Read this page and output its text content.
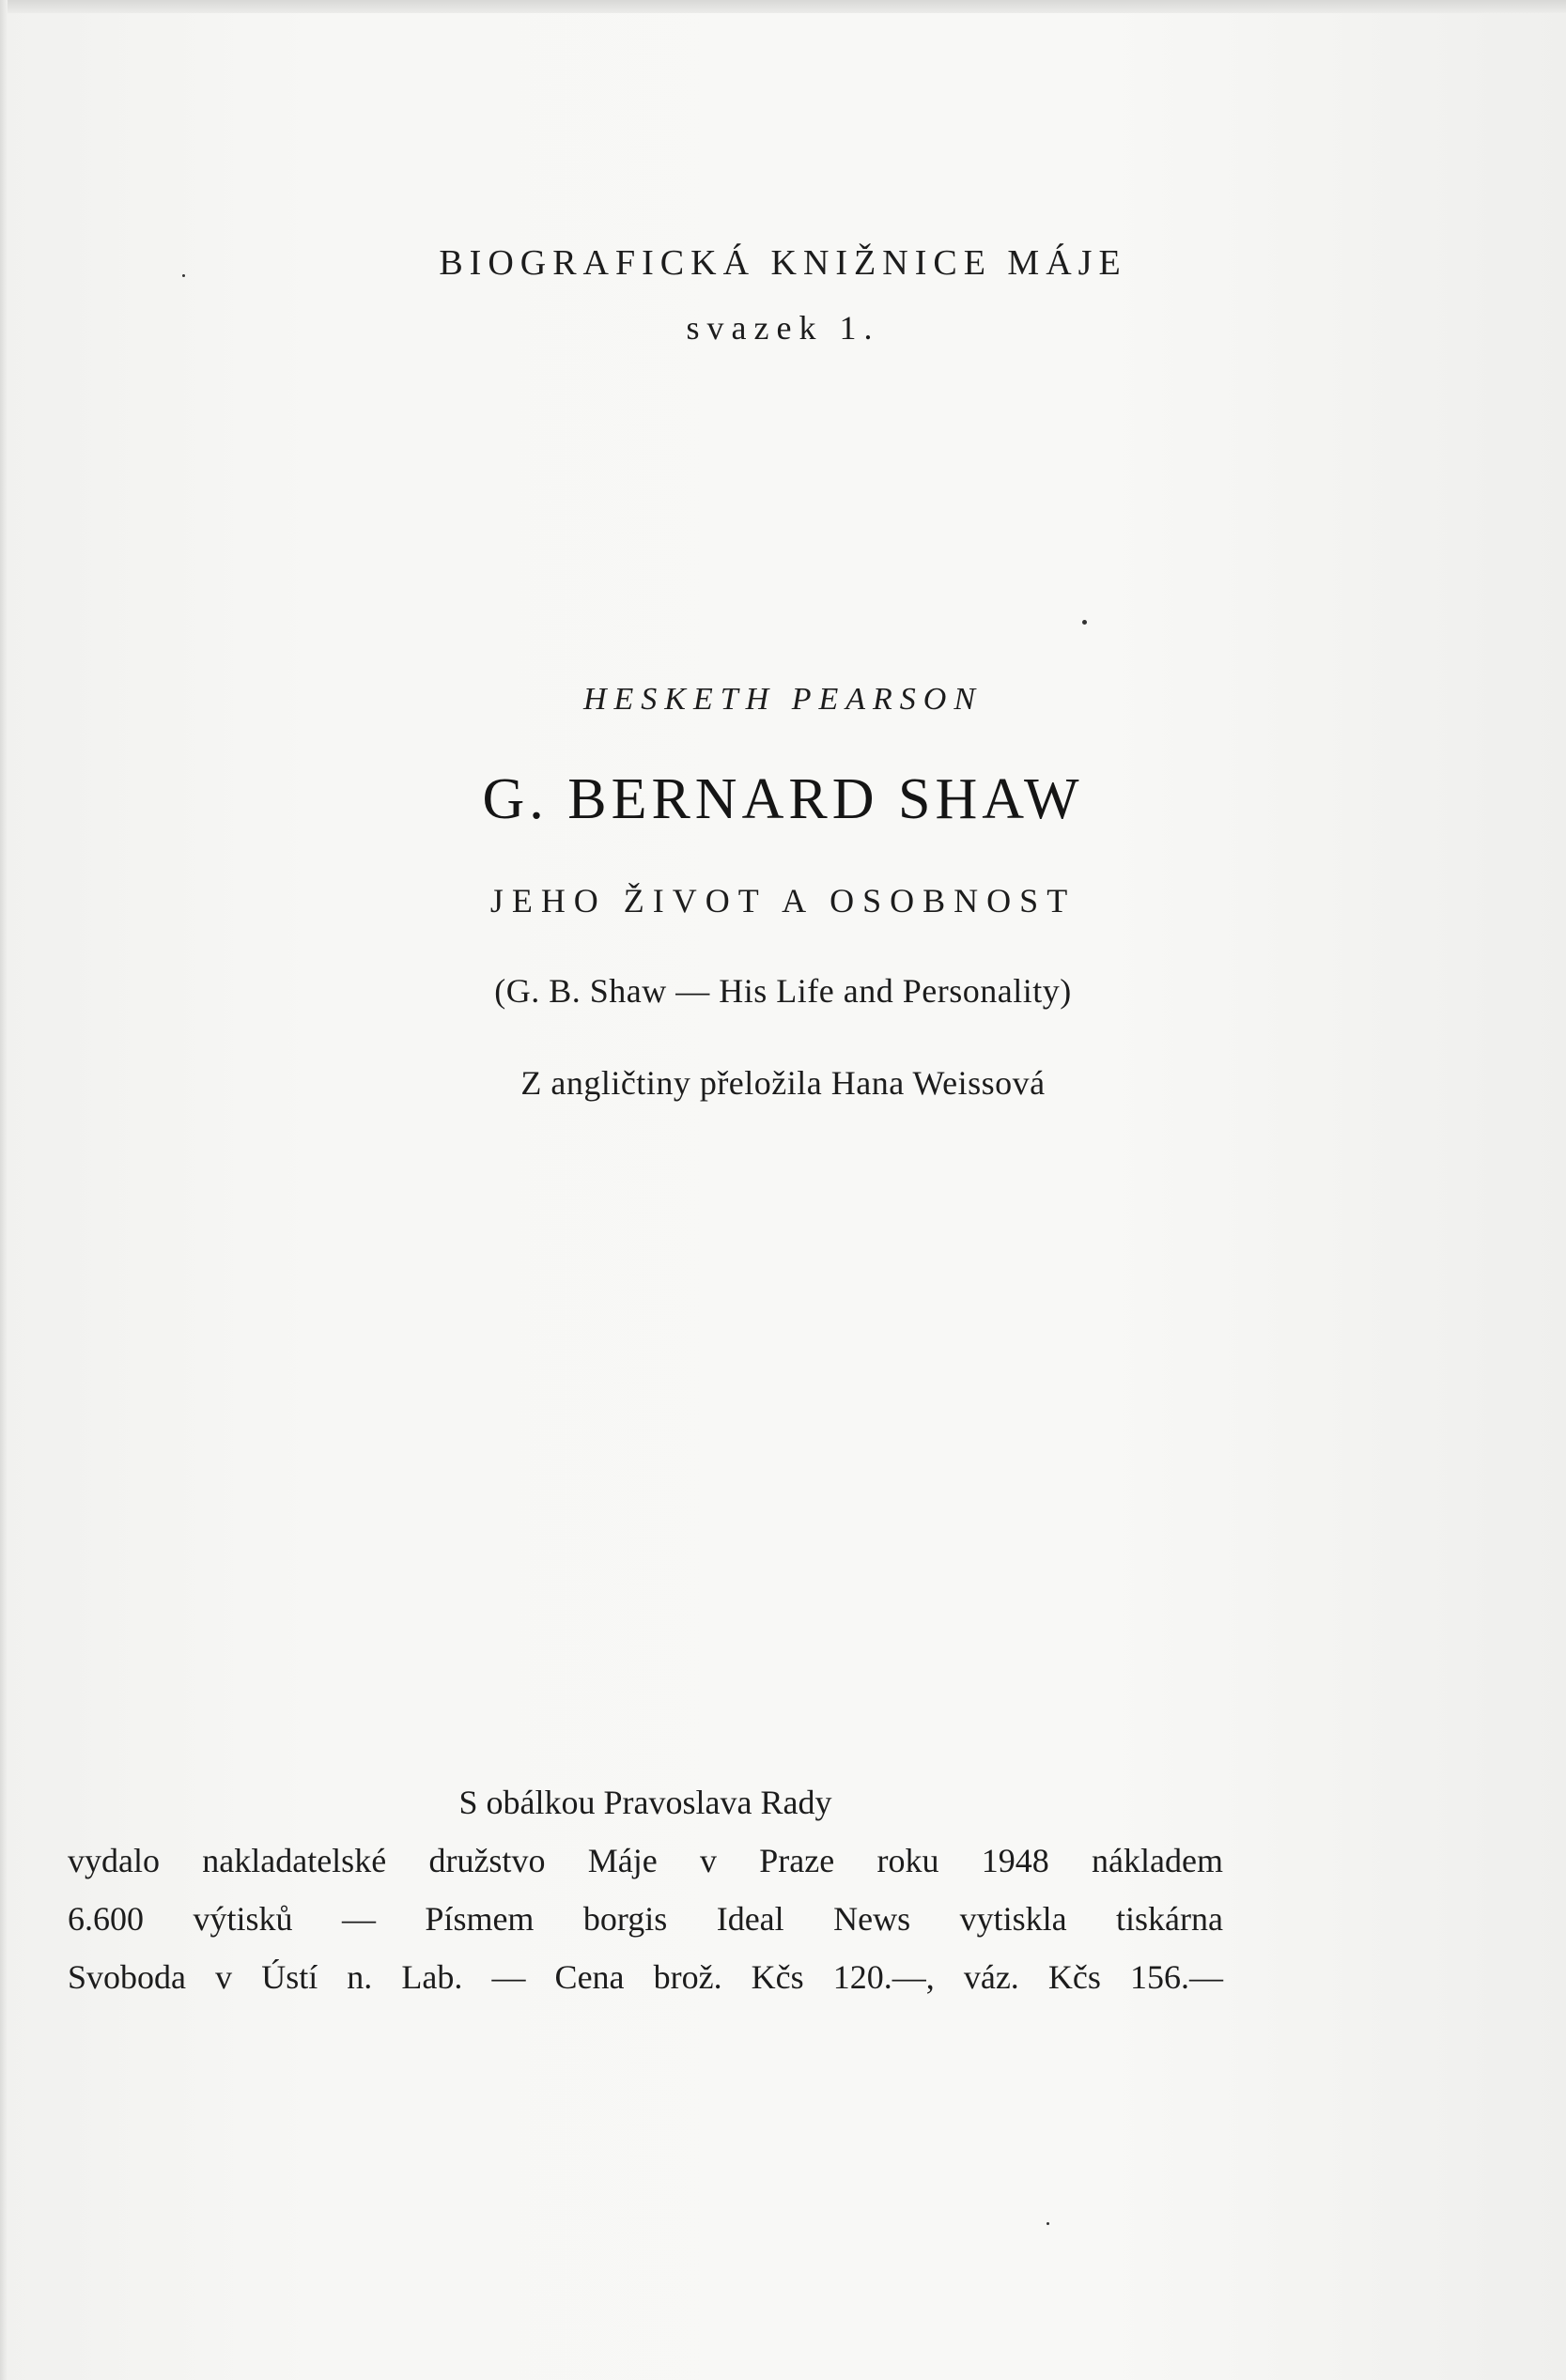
BIOGRAFICKÁ KNIŽNICE MÁJE
svazek 1.
HESKETH PEARSON
G. BERNARD SHAW
JEHO ŽIVOT A OSOBNOST
(G. B. Shaw — His Life and Personality)
Z angličtiny přeložila Hana Weissová
S obálkou Pravoslava Rady
vydalo nakladatelské družstvo Máje v Praze roku 1948 nákladem
6.600 výtisků — Písmem borgis Ideal News vytiskla tiskárna
Svoboda v Ústí n. Lab. — Cena brož. Kčs 120.—, váz. Kčs 156.—
